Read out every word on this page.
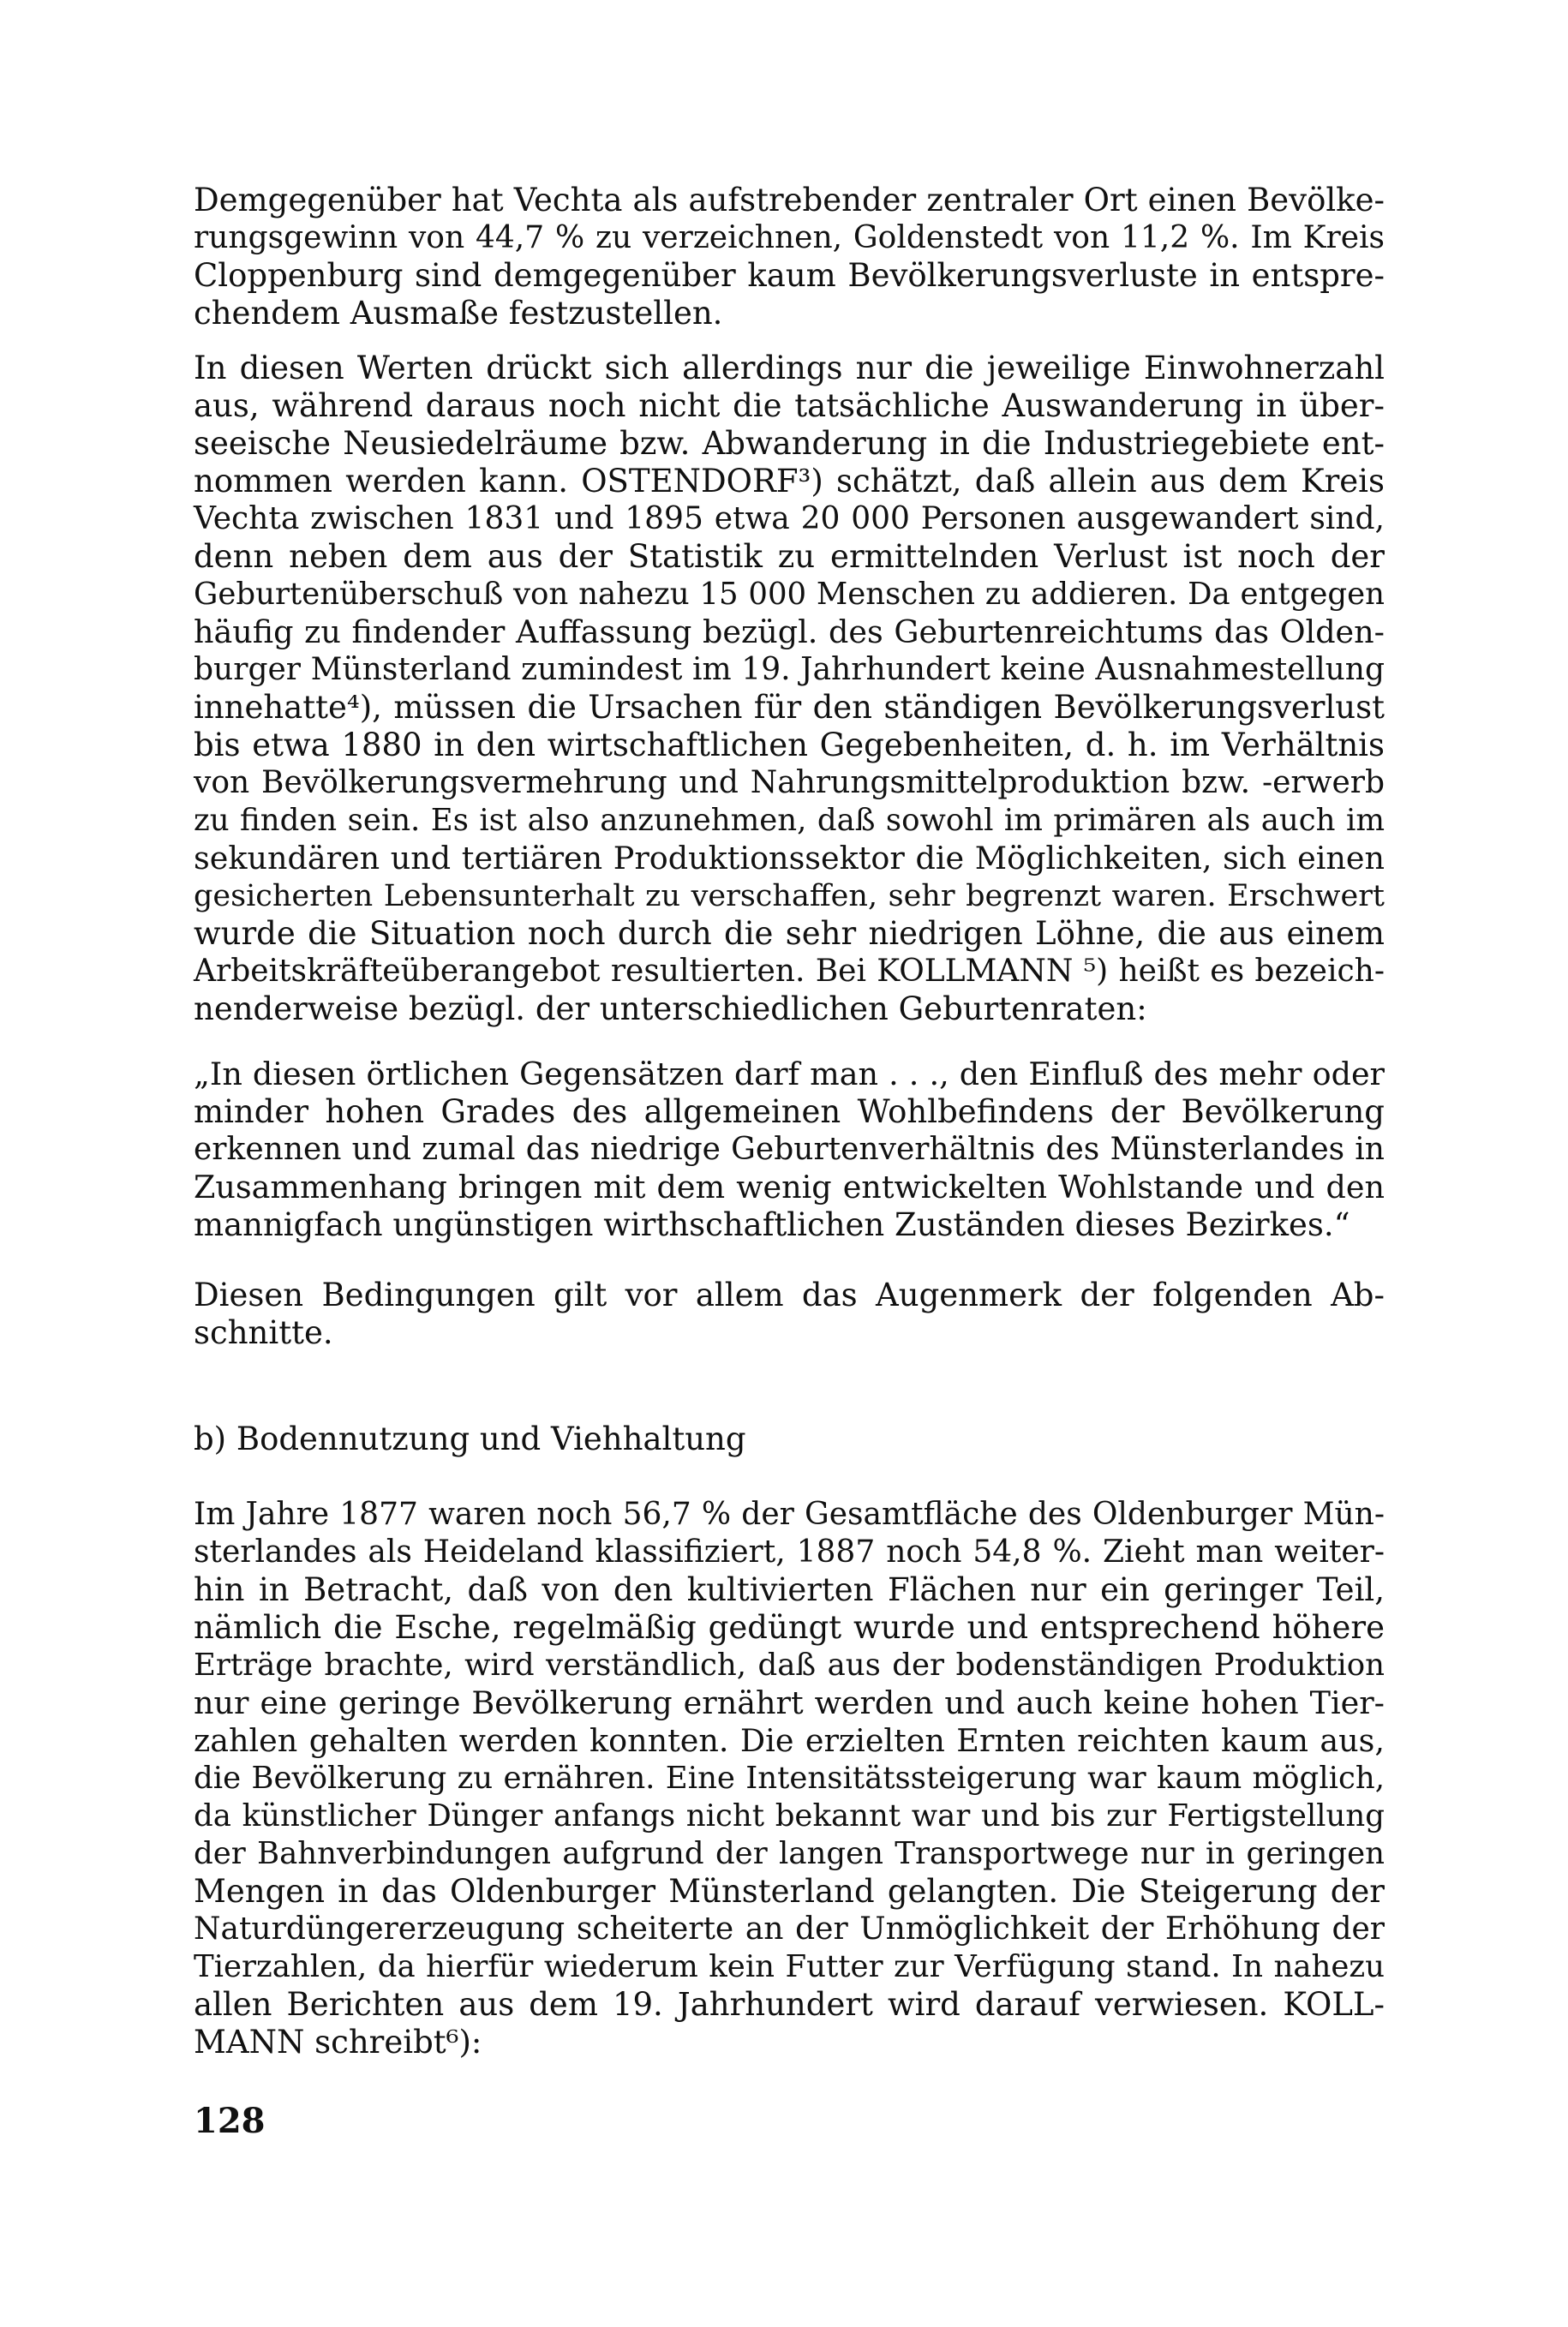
Demgegenüber hat Vechta als aufstrebender zentraler Ort einen Bevölke-
rungsgewinn von 44,7 % zu verzeichnen, Goldenstedt von 11,2 %. Im Kreis
Cloppenburg sind demgegenüber kaum Bevölkerungsverluste in entspre-
chendem Ausmaße festzustellen.

In diesen Werten drückt sich allerdings nur die jeweilige Einwohnerzahl
aus, während daraus noch nicht die tatsächliche Auswanderung in über-
seeische Neusiedelräume bzw. Abwanderung in die Industriegebiete ent-
nommen werden kann. OSTENDORF³) schätzt, daß allein aus dem Kreis
Vechta zwischen 1831 und 1895 etwa 20 000 Personen ausgewandert sind,
denn neben dem aus der Statistik zu ermittelnden Verlust ist noch der
Geburtenüberschuß von nahezu 15 000 Menschen zu addieren. Da entgegen
häufig zu findender Auffassung bezügl. des Geburtenreichtums das Olden-
burger Münsterland zumindest im 19. Jahrhundert keine Ausnahmestellung
innehatte⁴), müssen die Ursachen für den ständigen Bevölkerungsverlust
bis etwa 1880 in den wirtschaftlichen Gegebenheiten, d. h. im Verhältnis
von Bevölkerungsvermehrung und Nahrungsmittelproduktion bzw. -erwerb
zu finden sein. Es ist also anzunehmen, daß sowohl im primären als auch im
sekundären und tertiären Produktionssektor die Möglichkeiten, sich einen
gesicherten Lebensunterhalt zu verschaffen, sehr begrenzt waren. Erschwert
wurde die Situation noch durch die sehr niedrigen Löhne, die aus einem
Arbeitskräfteüberangebot resultierten. Bei KOLLMANN ⁵) heißt es bezeich-
nenderweise bezügl. der unterschiedlichen Geburtenraten:

„In diesen örtlichen Gegensätzen darf man . . ., den Einfluß des mehr oder
minder hohen Grades des allgemeinen Wohlbefindens der Bevölkerung
erkennen und zumal das niedrige Geburtenverhältnis des Münsterlandes in
Zusammenhang bringen mit dem wenig entwickelten Wohlstande und den
mannigfach ungünstigen wirthschaftlichen Zuständen dieses Bezirkes.“

Diesen Bedingungen gilt vor allem das Augenmerk der folgenden Ab-
schnitte.

b) Bodennutzung und Viehhaltung

Im Jahre 1877 waren noch 56,7 % der Gesamtfläche des Oldenburger Mün-
sterlandes als Heideland klassifiziert, 1887 noch 54,8 %. Zieht man weiter-
hin in Betracht, daß von den kultivierten Flächen nur ein geringer Teil,
nämlich die Esche, regelmäßig gedüngt wurde und entsprechend höhere
Erträge brachte, wird verständlich, daß aus der bodenständigen Produktion
nur eine geringe Bevölkerung ernährt werden und auch keine hohen Tier-
zahlen gehalten werden konnten. Die erzielten Ernten reichten kaum aus,
die Bevölkerung zu ernähren. Eine Intensitätssteigerung war kaum möglich,
da künstlicher Dünger anfangs nicht bekannt war und bis zur Fertigstellung
der Bahnverbindungen aufgrund der langen Transportwege nur in geringen
Mengen in das Oldenburger Münsterland gelangten. Die Steigerung der
Naturdüngererzeugung scheiterte an der Unmöglichkeit der Erhöhung der
Tierzahlen, da hierfür wiederum kein Futter zur Verfügung stand. In nahezu
allen Berichten aus dem 19. Jahrhundert wird darauf verwiesen. KOLL-
MANN schreibt⁶):

128
